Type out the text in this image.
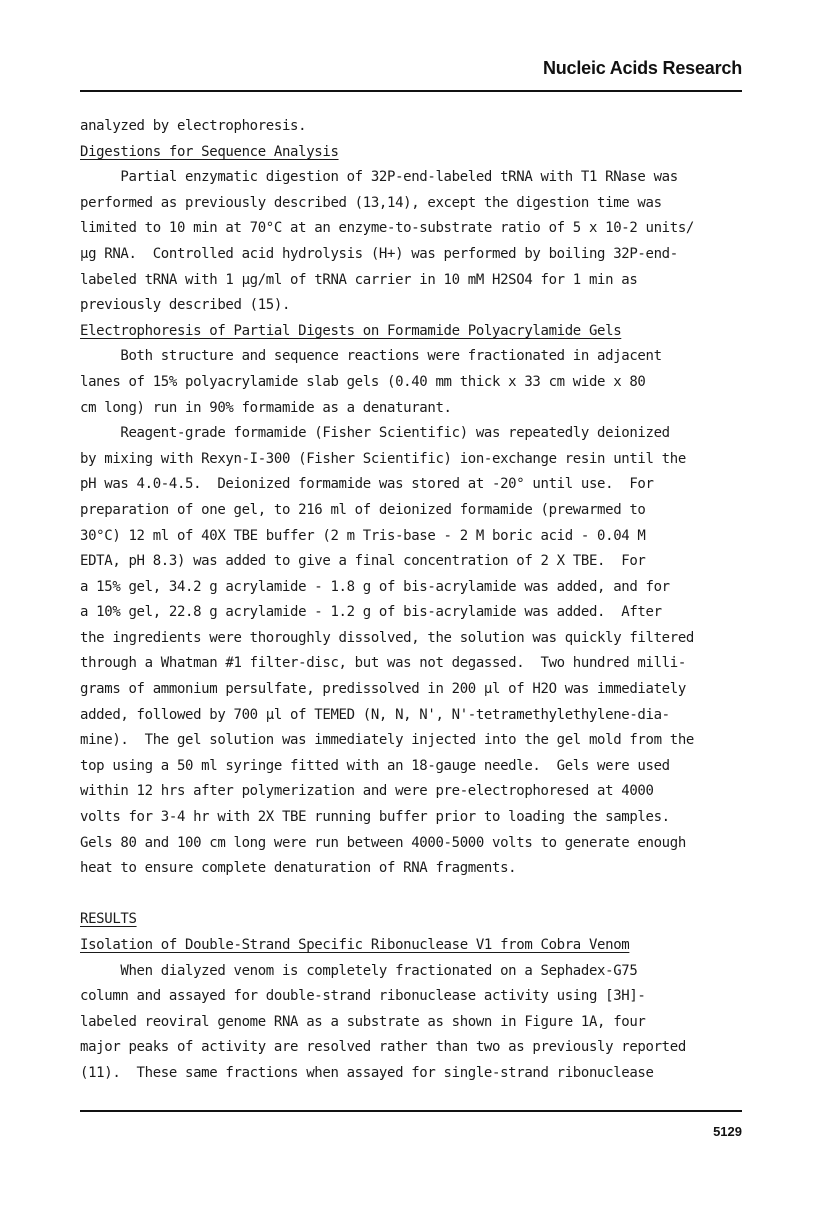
Nucleic Acids Research
analyzed by electrophoresis.
Digestions for Sequence Analysis
Partial enzymatic digestion of 32P-end-labeled tRNA with T1 RNase was
performed as previously described (13,14), except the digestion time was
limited to 10 min at 70°C at an enzyme-to-substrate ratio of 5 x 10-2 units/
µg RNA.  Controlled acid hydrolysis (H+) was performed by boiling 32P-end-
labeled tRNA with 1 µg/ml of tRNA carrier in 10 mM H2SO4 for 1 min as
previously described (15).
Electrophoresis of Partial Digests on Formamide Polyacrylamide Gels
Both structure and sequence reactions were fractionated in adjacent
lanes of 15% polyacrylamide slab gels (0.40 mm thick x 33 cm wide x 80
cm long) run in 90% formamide as a denaturant.
Reagent-grade formamide (Fisher Scientific) was repeatedly deionized
by mixing with Rexyn-I-300 (Fisher Scientific) ion-exchange resin until the
pH was 4.0-4.5.  Deionized formamide was stored at -20° until use.  For
preparation of one gel, to 216 ml of deionized formamide (prewarmed to
30°C) 12 ml of 40X TBE buffer (2 m Tris-base - 2 M boric acid - 0.04 M
EDTA, pH 8.3) was added to give a final concentration of 2 X TBE.  For
a 15% gel, 34.2 g acrylamide - 1.8 g of bis-acrylamide was added, and for
a 10% gel, 22.8 g acrylamide - 1.2 g of bis-acrylamide was added.  After
the ingredients were thoroughly dissolved, the solution was quickly filtered
through a Whatman #1 filter-disc, but was not degassed.  Two hundred milli-
grams of ammonium persulfate, predissolved in 200 µl of H2O was immediately
added, followed by 700 µl of TEMED (N, N, N', N'-tetramethylethylene-dia-
mine).  The gel solution was immediately injected into the gel mold from the
top using a 50 ml syringe fitted with an 18-gauge needle.  Gels were used
within 12 hrs after polymerization and were pre-electrophoresed at 4000
volts for 3-4 hr with 2X TBE running buffer prior to loading the samples.
Gels 80 and 100 cm long were run between 4000-5000 volts to generate enough
heat to ensure complete denaturation of RNA fragments.
RESULTS
Isolation of Double-Strand Specific Ribonuclease V1 from Cobra Venom
When dialyzed venom is completely fractionated on a Sephadex-G75
column and assayed for double-strand ribonuclease activity using [3H]-
labeled reoviral genome RNA as a substrate as shown in Figure 1A, four
major peaks of activity are resolved rather than two as previously reported
(11).  These same fractions when assayed for single-strand ribonuclease
5129
